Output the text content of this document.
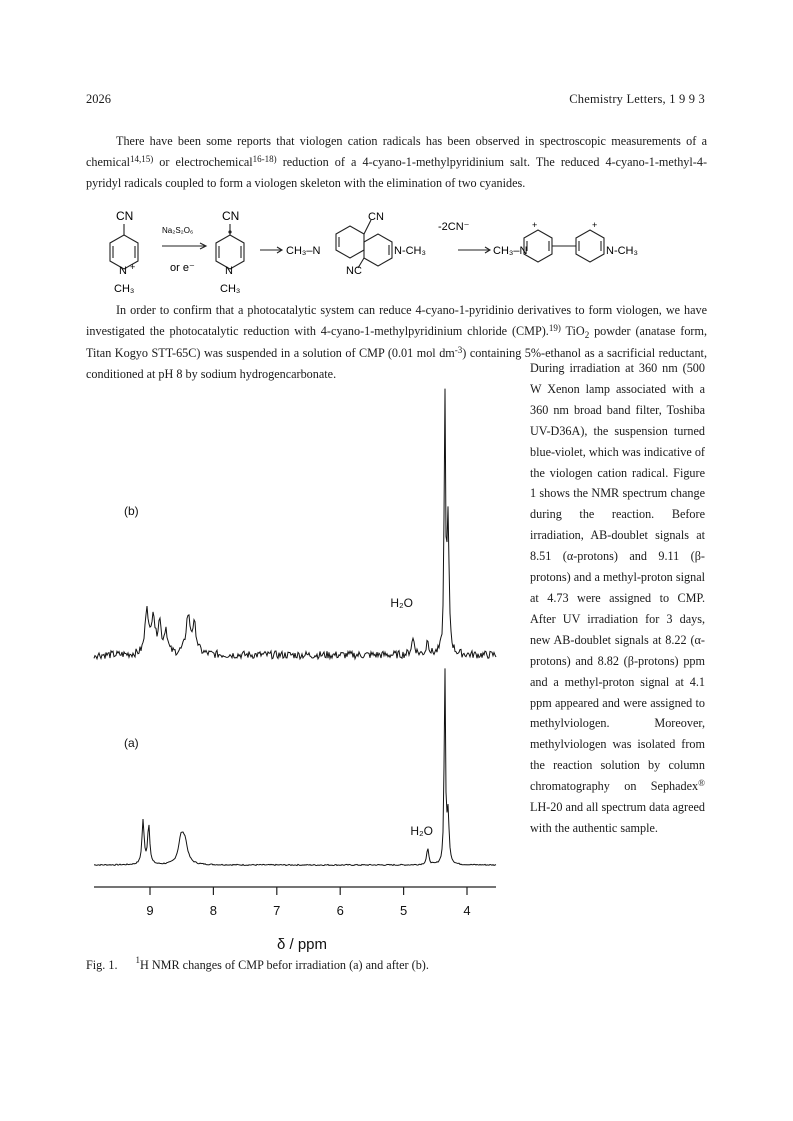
2026	Chemistry Letters, 1 9 9 3

There have been some reports that viologen cation radicals has been observed in spectroscopic measurements of a chemical$^{14,15)}$ or electrochemical$^{16-18)}$ reduction of a 4-cyano-1-methylpyridinium salt. The reduced 4-cyano-1-methyl-4-pyridyl radicals coupled to form a viologen skeleton with the elimination of two cyanides.

CN
Na₂S₂O₆
or e⁻
CN
N +
CH₃
N
CH₃
CH₃–N
CN
N-CH₃
NC
-2CN⁻
CH₃–N
+	+
N-CH₃

In order to confirm that a photocatalytic system can reduce 4-cyano-1-pyridinio derivatives to form viologen, we have investigated the photocatalytic reduction with 4-cyano-1-methylpyridinium chloride (CMP).$^{19)}$ TiO$_2$ powder (anatase form, Titan Kogyo STT-65C) was suspended in a solution of CMP (0.01 mol $dm^{-3}$) containing 5%-ethanol as a sacrificial reductant, conditioned at pH 8 by sodium hydrogencarbonate.	During irradiation at 360 nm (500 W Xenon lamp associated with a 360 nm broad band filter, Toshiba UV-D36A), the suspension turned blue-violet, which was indicative of the viologen cation radical. Figure 1 shows the NMR spectrum change during the reaction. Before irradiation, AB-doublet signals at 8.51 (α-protons) and 9.11 (β-protons) and a methyl-proton signal at 4.73 were assigned to CMP. After UV irradiation for 3 days, new AB-doublet signals at 8.22 (α-protons) and 8.82 (β-protons) ppm and a methyl-proton signal at 4.1 ppm appeared and were assigned to methylviologen. Moreover, methylviologen was isolated from the reaction solution by column chromatography on Sephadex® LH-20 and all spectrum data agreed with the authentic sample.

(a)
(b)
H₂O
H₂O
9	8	7	6	5	4
δ / ppm
Fig. 1. $^1$H NMR changes of CMP befor irradiation (a) and after (b).
